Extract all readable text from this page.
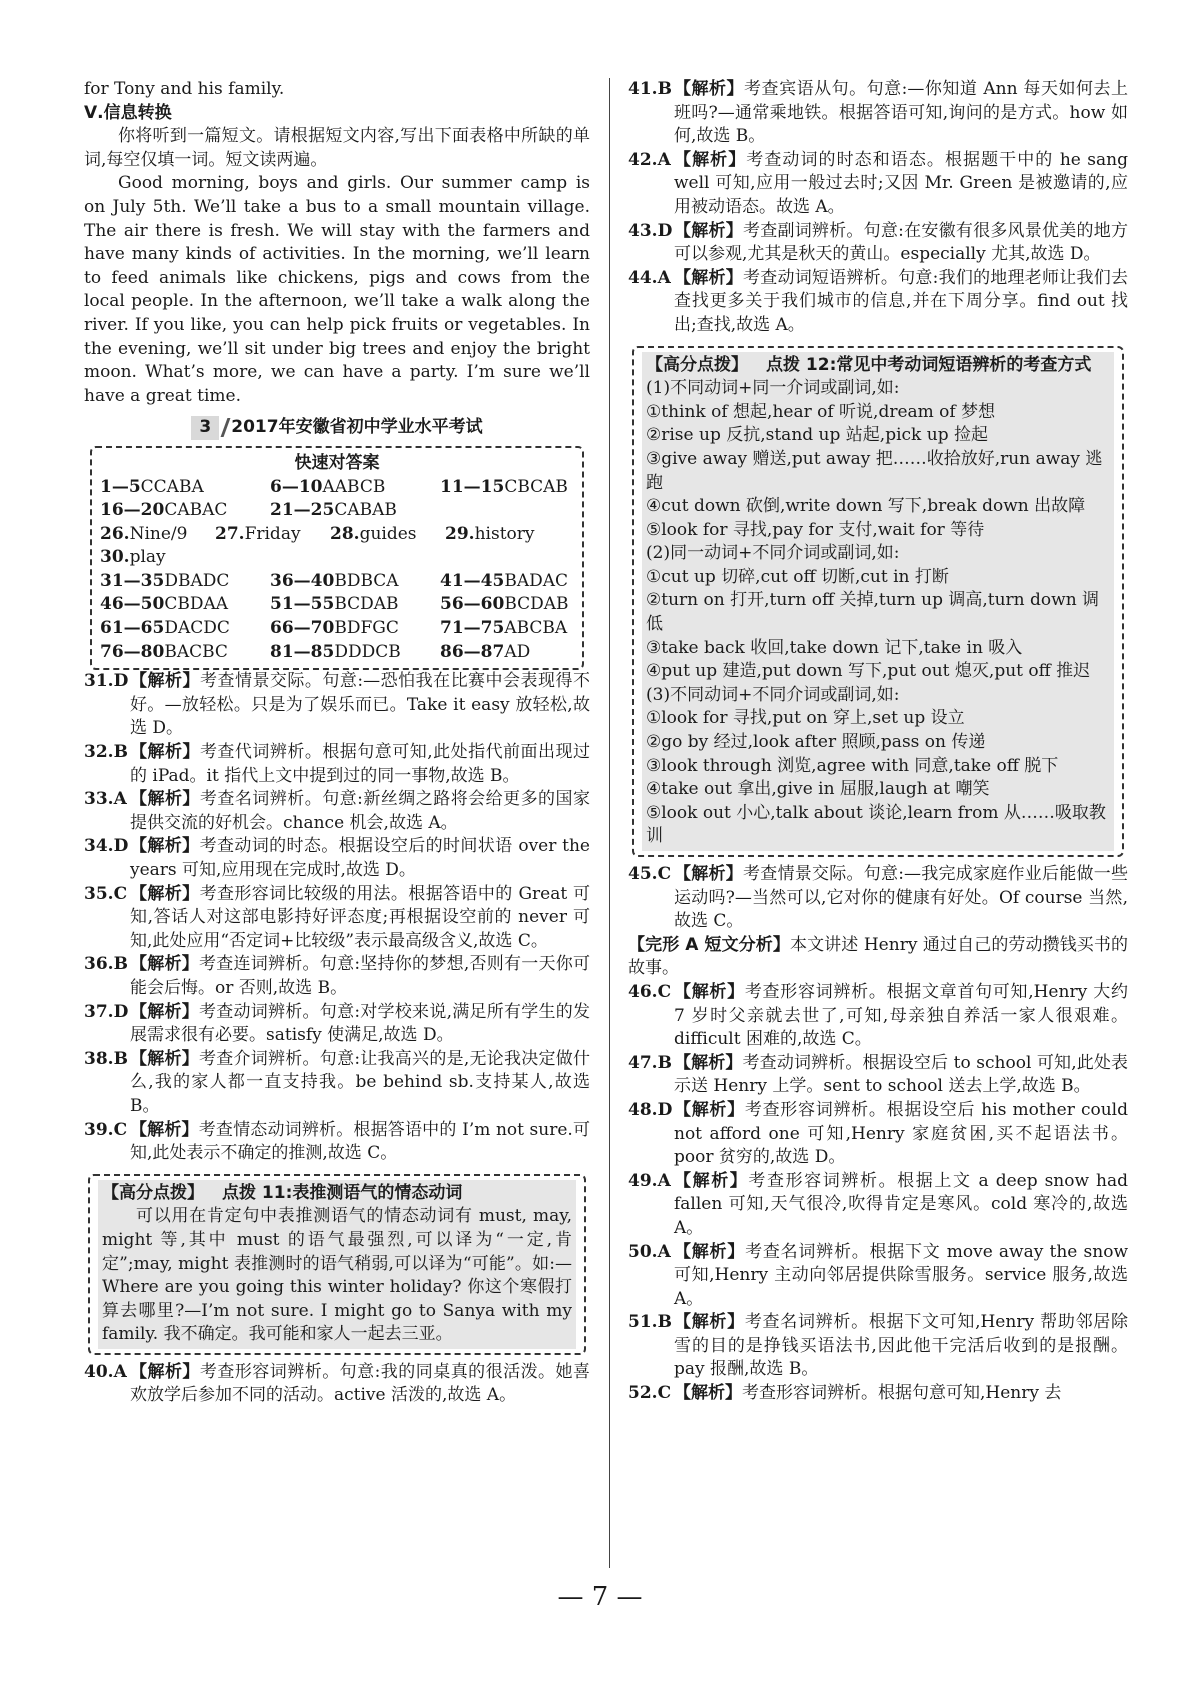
for Tony and his family.

Ⅴ.信息转换

你将听到一篇短文。请根据短文内容,写出下面表格中所缺的单词,每空仅填一词。短文读两遍。

Good morning, boys and girls. Our summer camp is on July 5th. We’ll take a bus to a small mountain village. The air there is fresh. We will stay with the farmers and have many kinds of activities. In the morning, we’ll learn to feed animals like chickens, pigs and cows from the local people. In the afternoon, we’ll take a walk along the river. If you like, you can help pick fruits or vegetables. In the evening, we’ll sit under big trees and enjoy the bright moon. What’s more, we can have a party. I’m sure we’ll have a great time.

3	2017年安徽省初中学业水平考试
快速对答案
1—5CCABA	6—10AABCB	11—15CBCAB
16—20CABAC	21—25CABAB
26.Nine/9	27.Friday	28.guides	29.history
30.play
31—35DBADC	36—40BDBCA	41—45BADAC
46—50CBDAA	51—55BCDAB	56—60BCDAB
61—65DACDC	66—70BDFGC	71—75ABCBA
76—80BACBC	81—85DDDCB	86—87AD
31.D 【解析】考查情景交际。句意:—恐怕我在比赛中会表现得不好。—放轻松。只是为了娱乐而已。Take it easy 放轻松,故选 D。
32.B 【解析】考查代词辨析。根据句意可知,此处指代前面出现过的 iPad。it 指代上文中提到过的同一事物,故选 B。
33.A 【解析】考查名词辨析。句意:新丝绸之路将会给更多的国家提供交流的好机会。chance 机会,故选 A。
34.D 【解析】考查动词的时态。根据设空后的时间状语 over the years 可知,应用现在完成时,故选 D。
35.C 【解析】考查形容词比较级的用法。根据答语中的 Great 可知,答话人对这部电影持好评态度;再根据设空前的 never 可知,此处应用“否定词+比较级”表示最高级含义,故选 C。
36.B 【解析】考查连词辨析。句意:坚持你的梦想,否则有一天你可能会后悔。or 否则,故选 B。
37.D 【解析】考查动词辨析。句意:对学校来说,满足所有学生的发展需求很有必要。satisfy 使满足,故选 D。
38.B 【解析】考查介词辨析。句意:让我高兴的是,无论我决定做什么,我的家人都一直支持我。be behind sb.支持某人,故选 B。
39.C 【解析】考查情态动词辨析。根据答语中的 I’m not sure.可知,此处表示不确定的推测,故选 C。
【高分点拨】 点拨 11:表推测语气的情态动词

可以用在肯定句中表推测语气的情态动词有 must, may, might 等,其中 must 的语气最强烈,可以译为“一定,肯定”;may, might 表推测时的语气稍弱,可以译为“可能”。如:—Where are you going this winter holiday? 你这个寒假打算去哪里?—I’m not sure. I might go to Sanya with my family. 我不确定。我可能和家人一起去三亚。

40.A 【解析】考查形容词辨析。句意:我的同桌真的很活泼。她喜欢放学后参加不同的活动。active 活泼的,故选 A。
41.B 【解析】考查宾语从句。句意:—你知道 Ann 每天如何去上班吗?—通常乘地铁。根据答语可知,询问的是方式。how 如何,故选 B。
42.A 【解析】考查动词的时态和语态。根据题干中的 he sang well 可知,应用一般过去时;又因 Mr. Green 是被邀请的,应用被动语态。故选 A。
43.D 【解析】考查副词辨析。句意:在安徽有很多风景优美的地方可以参观,尤其是秋天的黄山。especially 尤其,故选 D。
44.A 【解析】考查动词短语辨析。句意:我们的地理老师让我们去查找更多关于我们城市的信息,并在下周分享。find out 找出;查找,故选 A。
【高分点拨】 点拨 12:常见中考动词短语辨析的考查方式

(1)不同动词+同一介词或副词,如:

①think of 想起,hear of 听说,dream of 梦想

②rise up 反抗,stand up 站起,pick up 捡起

③give away 赠送,put away 把……收拾放好,run away 逃跑

④cut down 砍倒,write down 写下,break down 出故障

⑤look for 寻找,pay for 支付,wait for 等待

(2)同一动词+不同介词或副词,如:

①cut up 切碎,cut off 切断,cut in 打断

②turn on 打开,turn off 关掉,turn up 调高,turn down 调低

③take back 收回,take down 记下,take in 吸入

④put up 建造,put down 写下,put out 熄灭,put off 推迟

(3)不同动词+不同介词或副词,如:

①look for 寻找,put on 穿上,set up 设立

②go by 经过,look after 照顾,pass on 传递

③look through 浏览,agree with 同意,take off 脱下

④take out 拿出,give in 屈服,laugh at 嘲笑

⑤look out 小心,talk about 谈论,learn from 从……吸取教训

45.C 【解析】考查情景交际。句意:—我完成家庭作业后能做一些运动吗?—当然可以,它对你的健康有好处。Of course 当然,故选 C。

【完形 A 短文分析】本文讲述 Henry 通过自己的劳动攒钱买书的故事。

46.C 【解析】考查形容词辨析。根据文章首句可知,Henry 大约 7 岁时父亲就去世了,可知,母亲独自养活一家人很艰难。difficult 困难的,故选 C。
47.B 【解析】考查动词辨析。根据设空后 to school 可知,此处表示送 Henry 上学。sent to school 送去上学,故选 B。
48.D 【解析】考查形容词辨析。根据设空后 his mother could not afford one 可知,Henry 家庭贫困,买不起语法书。poor 贫穷的,故选 D。
49.A 【解析】考查形容词辨析。根据上文 a deep snow had fallen 可知,天气很冷,吹得肯定是寒风。cold 寒冷的,故选 A。
50.A 【解析】考查名词辨析。根据下文 move away the snow 可知,Henry 主动向邻居提供除雪服务。service 服务,故选 A。
51.B 【解析】考查名词辨析。根据下文可知,Henry 帮助邻居除雪的目的是挣钱买语法书,因此他干完活后收到的是报酬。pay 报酬,故选 B。
52.C 【解析】考查形容词辨析。根据句意可知,Henry 去
— 7 —
